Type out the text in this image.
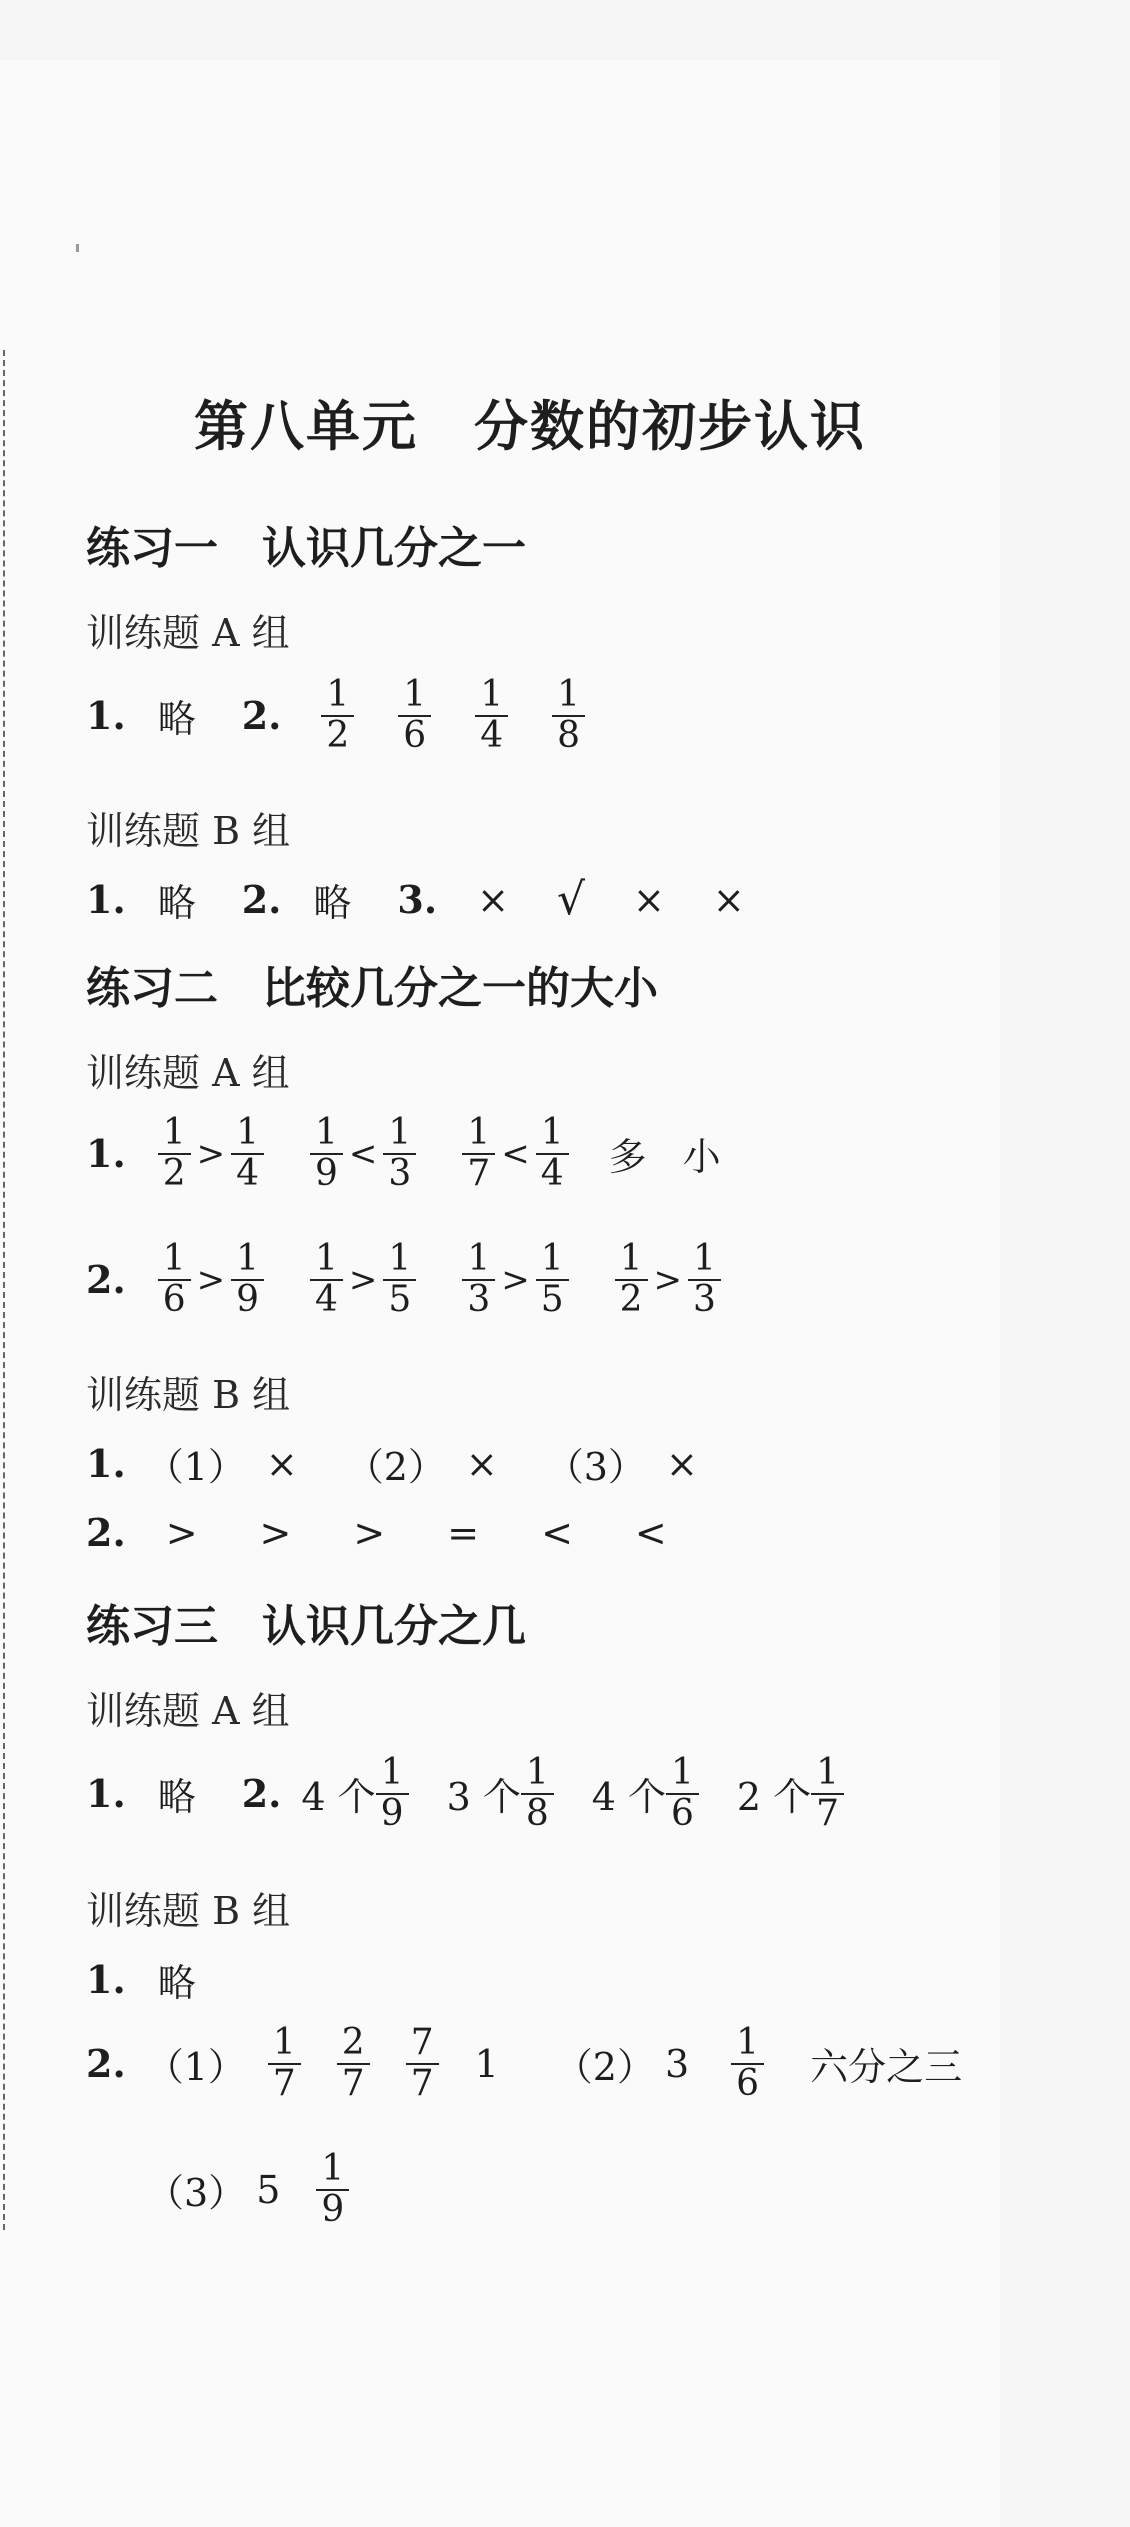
第八单元　分数的初步认识
练习一　认识几分之一
训练题 A 组
1. 略 2. $\frac{1}{2} \frac{1}{6} \frac{1}{4} \frac{1}{8}$
训练题 B 组
1. 略 2. 略 3. × √ × ×
练习二　比较几分之一的大小
训练题 A 组
1. $\frac{1}{2} > \frac{1}{4} \frac{1}{9} < \frac{1}{3} \frac{1}{7} < \frac{1}{4}$ 多 小
2. $\frac{1}{6} > \frac{1}{9} \frac{1}{4} > \frac{1}{5} \frac{1}{3} > \frac{1}{5} \frac{1}{2} > \frac{1}{3}$
训练题 B 组
1. （1） × （2） × （3） ×
2. > > > = < <
练习三　认识几分之几
训练题 A 组
1. 略 2. 4 个 $\frac{1}{9} 3$ 个 $\frac{1}{8} 4$ 个 $\frac{1}{6} 2$ 个 $\frac{1}{7}$
训练题 B 组
1. 略
2. $(1) \frac{1}{7} \frac{2}{7} \frac{7}{7} 1$ （2） $3 \frac{1}{6}$ 六分之三
（3） $5 \frac{1}{9}$
